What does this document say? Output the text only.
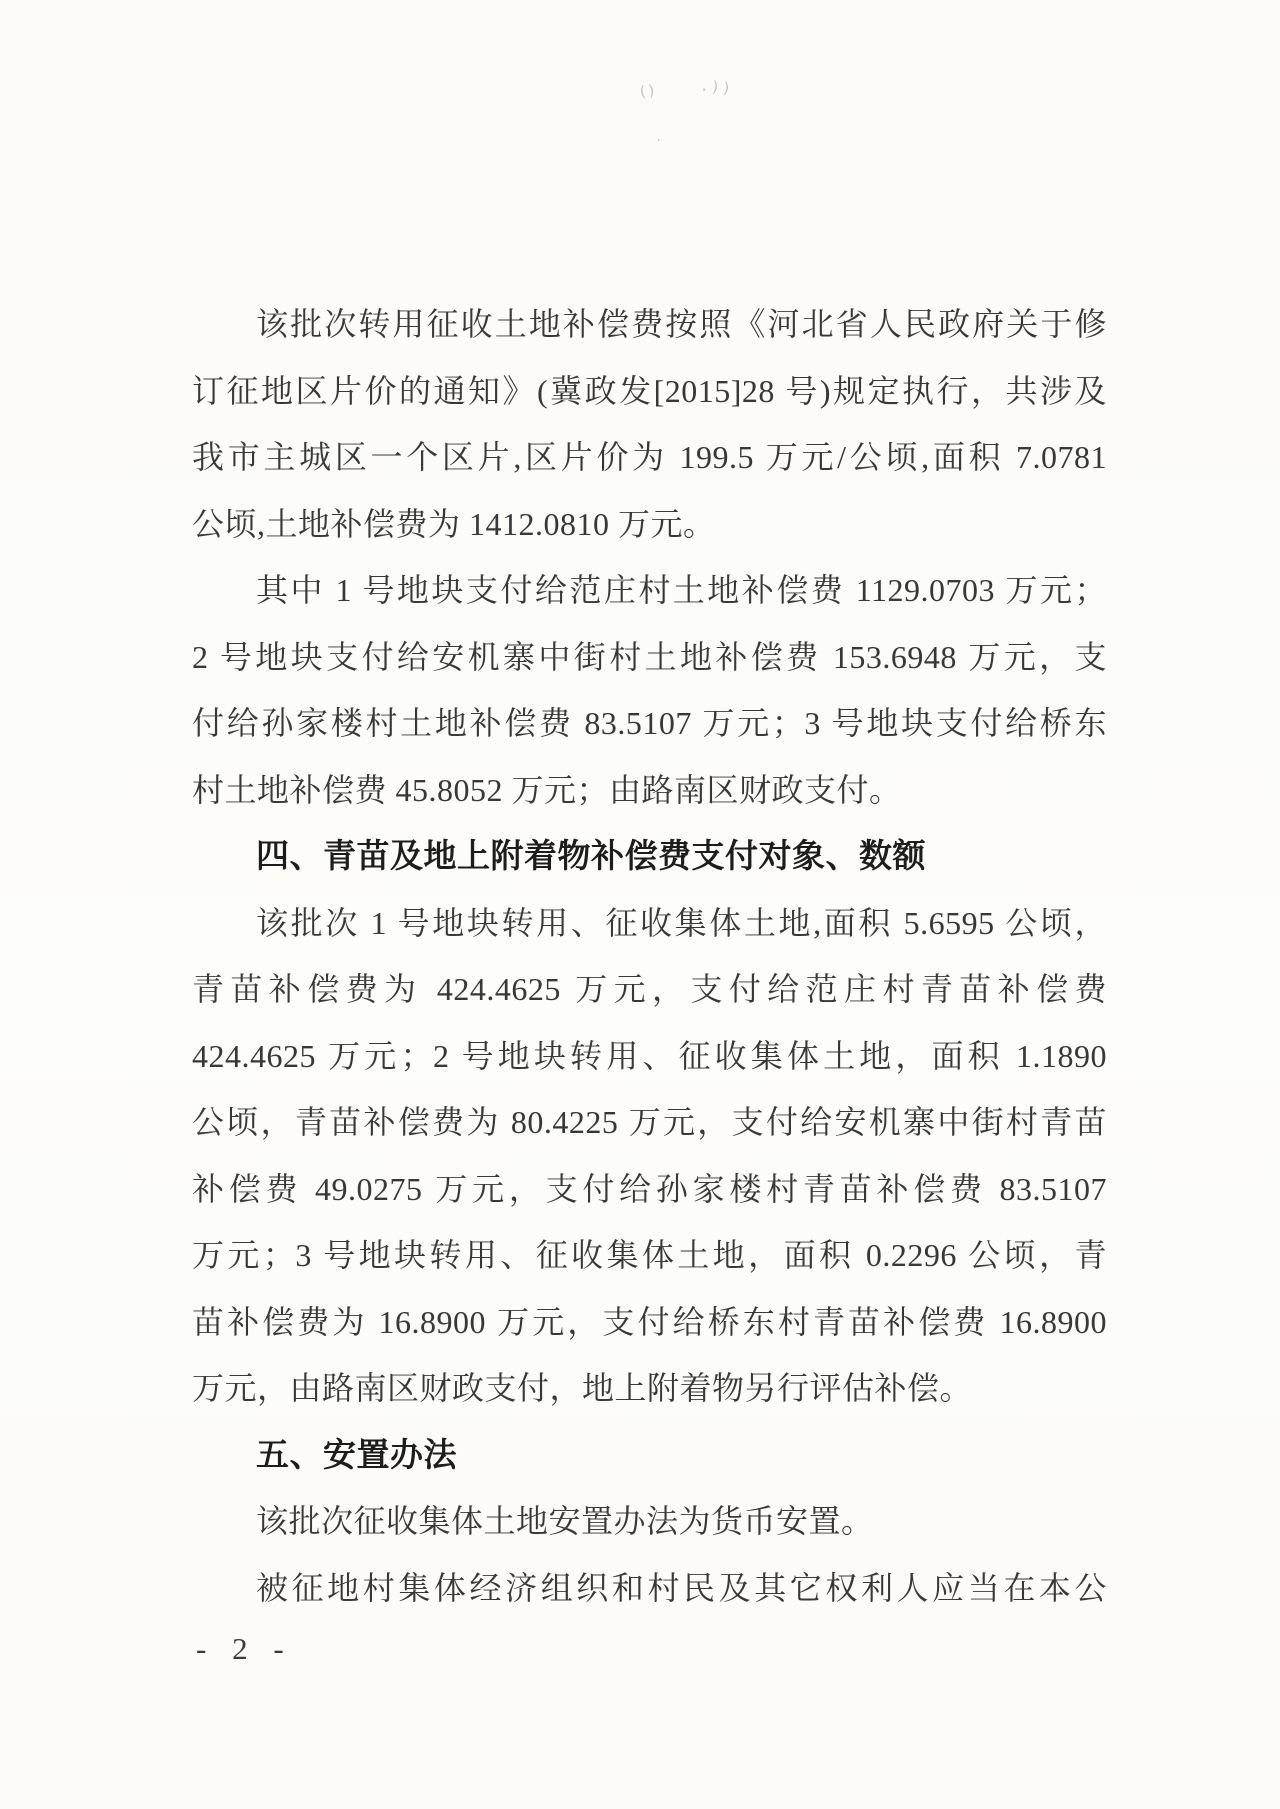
()	.))
.

该批次转用征收土地补偿费按照《河北省人民政府关于修

订征地区片价的通知》(冀政发[2015]28 号)规定执行，共涉及

我市主城区一个区片,区片价为 199.5 万元/公顷,面积 7.0781

公顷,土地补偿费为 1412.0810 万元。

其中 1 号地块支付给范庄村土地补偿费 1129.0703 万元；

2 号地块支付给安机寨中街村土地补偿费 153.6948 万元，支

付给孙家楼村土地补偿费 83.5107 万元；3 号地块支付给桥东

村土地补偿费 45.8052 万元；由路南区财政支付。

四、青苗及地上附着物补偿费支付对象、数额

该批次 1 号地块转用、征收集体土地,面积 5.6595 公顷，

青苗补偿费为 424.4625 万元，支付给范庄村青苗补偿费

424.4625 万元；2 号地块转用、征收集体土地，面积 1.1890

公顷，青苗补偿费为 80.4225 万元，支付给安机寨中街村青苗

补偿费 49.0275 万元，支付给孙家楼村青苗补偿费 83.5107

万元；3 号地块转用、征收集体土地，面积 0.2296 公顷，青

苗补偿费为 16.8900 万元，支付给桥东村青苗补偿费 16.8900

万元，由路南区财政支付，地上附着物另行评估补偿。

五、安置办法

该批次征收集体土地安置办法为货币安置。

被征地村集体经济组织和村民及其它权利人应当在本公

- 2 -
